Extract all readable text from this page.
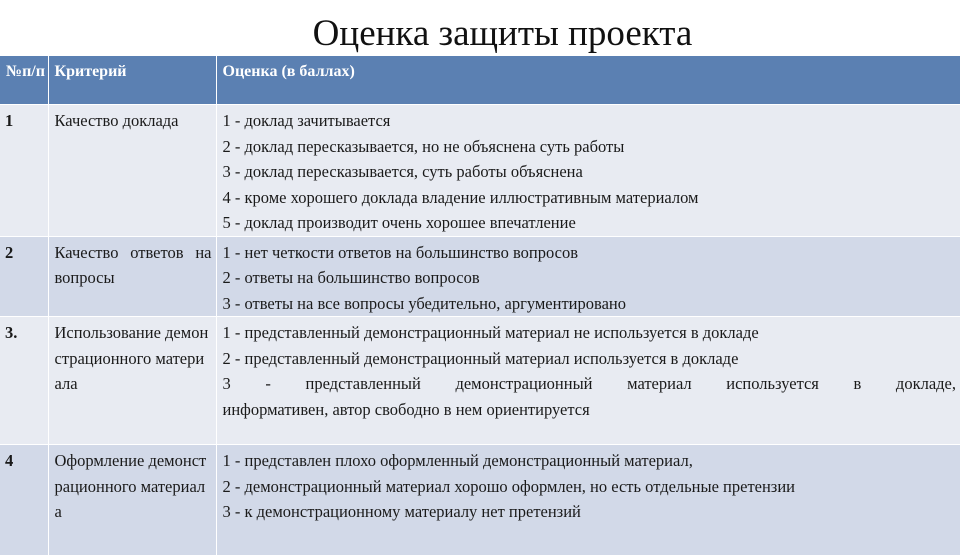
Оценка защиты проекта
№п/п	Критерий	Оценка (в баллах)
1	Качество доклада	1 - доклад зачитывается
2 - доклад пересказывается, но не объяснена суть работы
3 - доклад пересказывается, суть работы объяснена
4 - кроме хорошего доклада владение иллюстративным материалом
5 - доклад производит очень хорошее впечатление

2	Качество ответов на вопросы	1 - нет четкости ответов на большинство вопросов
2 - ответы на большинство вопросов
3 - ответы на все вопросы убедительно, аргументировано

3.	Использование демонстрационного материала	1 - представленный демонстрационный материал не используется в докладе
2 - представленный демонстрационный материал используется в докладе
3 - представленный демонстрационный материал используется в докладе,
информативен, автор свободно в нем ориентируется

4	Оформление демонстрационного материала	1 - представлен плохо оформленный демонстрационный материал,
2 - демонстрационный материал хорошо оформлен, но есть отдельные претензии
3 - к демонстрационному материалу нет претензий
